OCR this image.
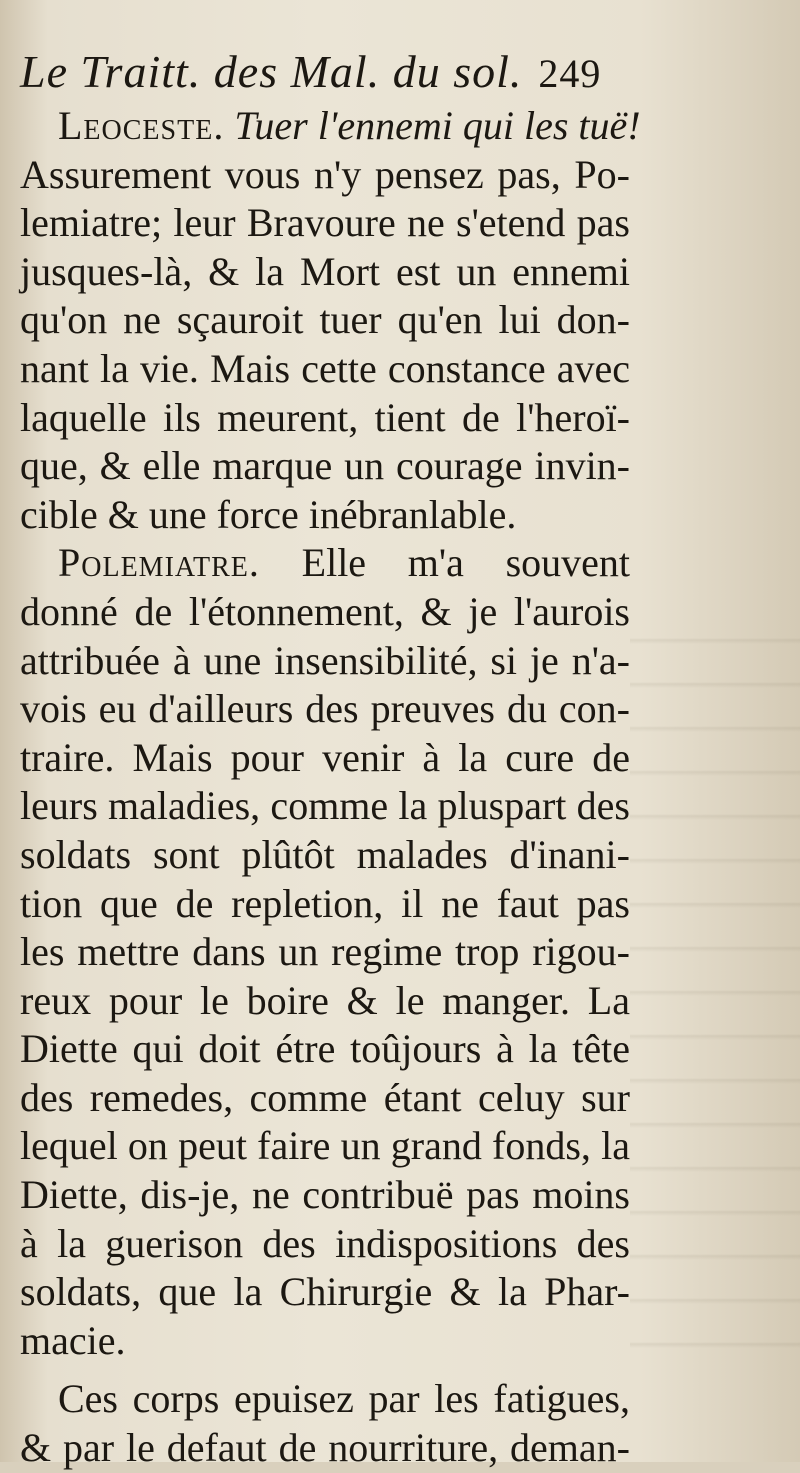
Le Traitt. des Mal. du sol. 249
Leoceste. Tuer l'ennemi qui les tuë!
Assurement vous n'y pensez pas, Po-
lemiatre; leur Bravoure ne s'etend pas
jusques-là, & la Mort est un ennemi
qu'on ne sçauroit tuer qu'en lui don-
nant la vie. Mais cette constance avec
laquelle ils meurent, tient de l'heroï-
que, & elle marque un courage invin-
cible & une force inébranlable.
Polemiatre. Elle m'a souvent
donné de l'étonnement, & je l'aurois
attribuée à une insensibilité, si je n'a-
vois eu d'ailleurs des preuves du con-
traire. Mais pour venir à la cure de
leurs maladies, comme la pluspart des
soldats sont plûtôt malades d'inani-
tion que de repletion, il ne faut pas
les mettre dans un regime trop rigou-
reux pour le boire & le manger. La
Diette qui doit étre toûjours à la tête
des remedes, comme étant celuy sur
lequel on peut faire un grand fonds, la
Diette, dis-je, ne contribuë pas moins
à la guerison des indispositions des
soldats, que la Chirurgie & la Phar-
macie.
Ces corps epuisez par les fatigues,
& par le defaut de nourriture, deman-
